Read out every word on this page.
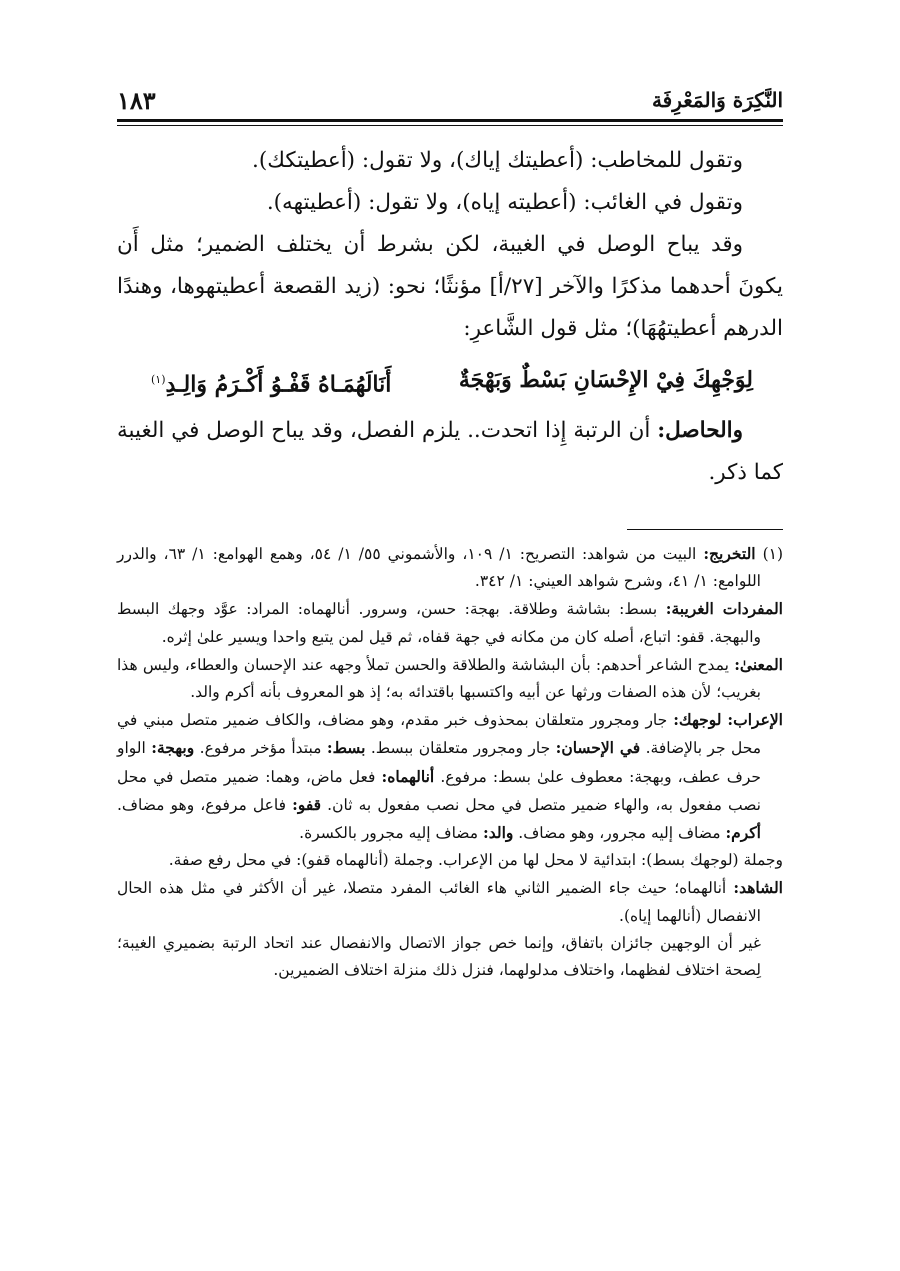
النَّكِرَة وَالمَعْرِفَة
١٨٣

وتقول للمخاطب: (أعطيتك إياك)، ولا تقول: (أعطيتكك).

وتقول في الغائب: (أعطيته إياه)، ولا تقول: (أعطيتهه).

وقد يباح الوصل في الغيبة، لكن بشرط أن يختلف الضمير؛ مثل أَن يكونَ أحدهما مذكرًا والآخر [٢٧/أ] مؤنثًا؛ نحو: (زيد القصعة أعطيتهوها، وهندًا الدرهم أعطيتهُهَا)؛ مثل قول الشَّاعرِ:

لِوَجْهِكَ فِيْ الإِحْسَانِ بَسْطٌ وَبَهْجَةٌ
أَنَالَهُمَـاهُ قَفْـوُ أَكْـرَمُ وَالِـدِ$^{(١)}$

والحاصل: أن الرتبة إِذا اتحدت.. يلزم الفصل، وقد يباح الوصل في الغيبة كما ذكر.

(١) التخريج: البيت من شواهد: التصريح: ١/ ١٠٩، والأشموني ٥٥/ ١/ ٥٤، وهمع الهوامع: ١/ ٦٣، والدرر اللوامع: ١/ ٤١، وشرح شواهد العيني: ١/ ٣٤٢.

المفردات الغريبة: بسط: بشاشة وطلاقة. بهجة: حسن، وسرور. أنالهماه: المراد: عوَّد وجهك البسط والبهجة. قفو: اتباع، أصله كان من مكانه في جهة قفاه، ثم قيل لمن يتبع واحدا ويسير علىٰ إثره.

المعنىٰ: يمدح الشاعر أحدهم: بأن البشاشة والطلاقة والحسن تملأ وجهه عند الإحسان والعطاء، وليس هذا بغريب؛ لأن هذه الصفات ورثها عن أبيه واكتسبها باقتدائه به؛ إذ هو المعروف بأنه أكرم والد.

الإعراب: لوجهك: جار ومجرور متعلقان بمحذوف خبر مقدم، وهو مضاف، والكاف ضمير متصل مبني في محل جر بالإضافة. في الإحسان: جار ومجرور متعلقان ببسط. بسط: مبتدأ مؤخر مرفوع. وبهجة: الواو حرف عطف، وبهجة: معطوف علىٰ بسط: مرفوع. أنالهماه: فعل ماض، وهما: ضمير متصل في محل نصب مفعول به، والهاء ضمير متصل في محل نصب مفعول به ثان. قفو: فاعل مرفوع، وهو مضاف. أكرم: مضاف إليه مجرور، وهو مضاف. والد: مضاف إليه مجرور بالكسرة.

وجملة (لوجهك بسط): ابتدائية لا محل لها من الإعراب. وجملة (أنالهماه قفو): في محل رفع صفة.

الشاهد: أنالهماه؛ حيث جاء الضمير الثاني هاء الغائب المفرد متصلا، غير أن الأكثر في مثل هذه الحال الانفصال (أنالهما إياه).

غير أن الوجهين جائزان باتفاق، وإنما خص جواز الاتصال والانفصال عند اتحاد الرتبة بضميري الغيبة؛ لِصحة اختلاف لفظهما، واختلاف مدلولهما، فنزل ذلك منزلة اختلاف الضميرين.
